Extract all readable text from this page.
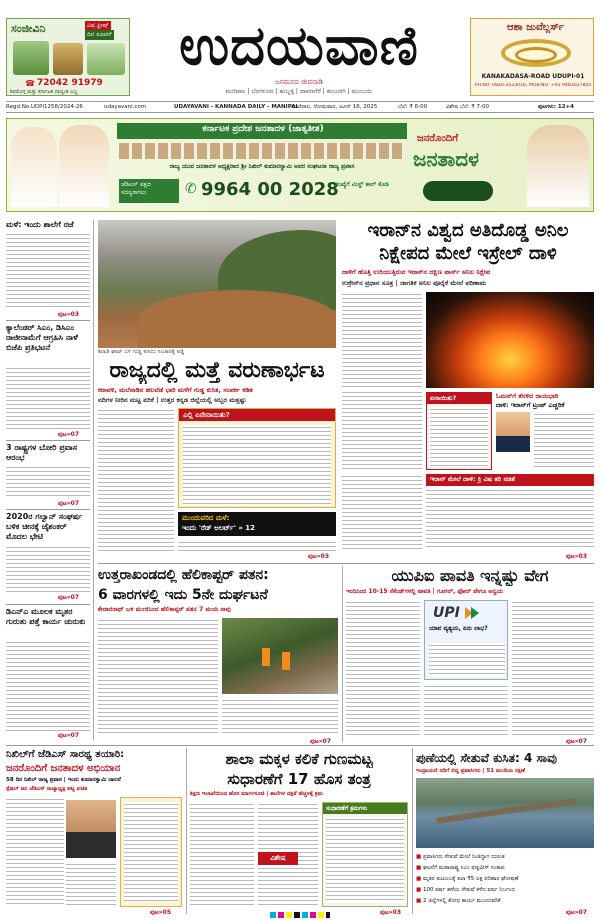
ಸಂಜೀವಿನಿ	ವಿಷ ಫ್ರೀಷ್
ದಿನ ಸೂಪರ್
☎ 72042 91979
ಶಿವಮೊಗ್ಗ ಮತ್ತು ಕರ್ನಾಟಕ ದಾದ್ಯಂತ ಲಭ್ಯ
ಉದಯವಾಣಿ
ಜನಮನದ ಜೀವನಾಡಿ
ಮಣಿಪಾಲ | ಬೆಂಗಳೂರು | ಹುಬ್ಬಳ್ಳಿ | ದಾವಣಗೆರೆ | ಕಲಬುರಗಿ | ಮುಂಬಯಿ
ಆಶಾ ಜುವೆಲ್ಲರ್ಸ್
KANAKADASA-ROAD UDUPI-01
PH.NO. 0820-2523016, MOB.NO. +91 9483027850
Regd.No.UDPI1258/2024-26	udayavani.com	UDAYAVANI - KANNADA DAILY - MANIPAL
ಮಣಿಪಾಲ, ಸೋಮವಾರ, ಜೂನ್ 16, 2025	ಬೆಲೆ: ₹ 6-00	ವಿಶೇಷ ಬೆಲೆ: ₹ 7-00	ಪುಟಗಳು: 12+4
ಕರ್ನಾಟಕ ಪ್ರದೇಶ ಜನತಾದಳ (ಜಾತ್ಯತೀತ)
ರಾಜ್ಯ ಯುವ ಜನತಾದಳ ಅಧ್ಯಕ್ಷರಾದ ಶ್ರೀ ನಿಖಿಲ್ ಕುಮಾರಸ್ವಾಮಿ ಅವರ ಸಂಘಟನಾ ರಾಜ್ಯ ಪ್ರವಾಸ
ಜೆಡಿಎಸ್ ಪಕ್ಷದ ಸದಸ್ಯರಾಗಲು	✆ 9964 00 2028
ಸಂಖ್ಯೆಗೆ ಮಿಸ್ಡ್ ಕಾಲ್ ಕೊಡಿ
ಜನರೊಂದಿಗೆ
ಜನತಾದಳ
ಮಳೆ: ಇಂದು ಶಾಲೆಗೆ ರಜೆ
ಪುಟ»03
ಕ್ಯಾಲೆಂಡರ್ ಸಿಎಂ, ಡಿಸಿಎಂ ರಾಜೀನಾಮೆಗೆ ಆಗ್ರಹಿಸಿ ನಾಳೆ ಬಿಜೆಪಿ ಪ್ರತಿಭಟನೆ
ಪುಟ»07
3 ರಾಷ್ಟ್ರಗಳ ಬೋರಿ ಪ್ರವಾಸ ಆರಂಭ
ಪುಟ»07
2020ರ ಗಲ್ವಾನ್ ಸಂಘರ್ಷ ಬಳಿಕ ಚೀನಕ್ಕೆ ಜೈಶಂಕರ್ ಮೊದಲ ಭೇಟಿ
ಪುಟ»07
ಡಿಎನ್‌ಎ ಮೂಲಕ ಮೃತರ ಗುರುತು ಪತ್ತೆ ಕಾರ್ಯ ಚುರುಕು
ಪುಟ»07
ಶಿರಾಡಿ ಘಾಟ್ ಬಳಿ ಗುಡ್ಡ ಕುಸಿದು ಸಂಚಾರಕ್ಕೆ ಅಡ್ಡಿ
ರಾಜ್ಯದಲ್ಲಿ ಮತ್ತೆ ವರುಣಾರ್ಭಟ
ಕರಾವಳಿ, ಮಲೆನಾಡಿನ ಹಲವೆಡೆ ಭಾರಿ ಮಳೆಗೆ ಗುಡ್ಡ ಕುಸಿತ, ಸಂಪರ್ಕ ಕಡಿತ
ನದಿಗಳ ನೀರಿನ ಮಟ್ಟ ಏರಿಕೆ | ಉತ್ತರ ಕನ್ನಡ ಜಿಲ್ಲೆಯಲ್ಲಿ ಅಬ್ಬರ ಮತ್ತಷ್ಟು
ಎಲ್ಲಿ ಏನೇನಾಯಿತು?
ಮುಂದುವರಿದ ಮಳೆ:
ಇಂದು 'ರೆಡ್ ಅಲರ್ಟ್' » 12
ಪುಟ»03
ಇರಾನ್‌ನ ವಿಶ್ವದ ಅತಿದೊಡ್ಡ ಅನಿಲ
ನಿಕ್ಷೇಪದ ಮೇಲೆ ಇಸ್ರೇಲ್ ದಾಳಿ
ದಾಳಿಗೆ ಹೊತ್ತಿ ಉರಿಯುತ್ತಿರುವ ಇರಾನ್‌ನ ದಕ್ಷಿಣ ಪಾರ್ಸ್ ಅನಿಲ ನಿಕ್ಷೇಪ
ಉಕ್ರೇನ್‌ನ ಪ್ರಧಾನ ಸೂತ್ರ | ಜಾಗತಿಕ ಅನಿಲ ಪೂರೈಕೆ ಮೇಲೆ ಪರಿಣಾಮ
ಏನಾಯಿತು?	ಓಮನ್‌ಗೆ ತೆರಳಿದ ರಾಯಭಾರಿ
ದಾಳಿ: ಇರಾನ್‌ಗೆ ಟ್ರಂಪ್ ಎಚ್ಚರಿಕೆ
ಇರಾನ್ ಮೇಲೆ ದಾಳಿ: ಕ್ರಿ ವಿಷ ತರಿ ನಡತೆ
ಪುಟ»03
ಉತ್ತರಾಖಂಡದಲ್ಲಿ ಹೆಲಿಕಾಪ್ಟರ್ ಪತನ:
6 ವಾರಗಳಲ್ಲಿ ಇದು 5ನೇ ದುರ್ಘಟನೆ
ಕೇದಾರನಾಥ್ ಬಳಿ ಮಂಜಿನಿಂದ ಹೆಲಿಕಾಪ್ಟರ್ ಪತನ 7 ಮಂದಿ ಸಾವು
ಪುಟ»07
ಯುಪಿಐ ಪಾವತಿ ಇನ್ನಷ್ಟು ವೇಗ
ಇಂದಿನಿಂದ 10-15 ಸೆಕೆಂಡ್‌ಗಳಲ್ಲಿ ಪಾವತಿ | ಗೂಗಲ್, ಫೋನ್ ಪೇಗೂ ಅನ್ವಯ
UPI
ಯಾವ ವ್ಯತ್ಯಯ, ಏನು ಲಾಭ?
ಪುಟ»07
ನಿಖಿಲ್‌ಗೆ ಜೆಡಿಎಸ್ ಸಾರಥ್ಯ ತಯಾರಿ:
ಜನರೊಂದಿಗೆ ಜನತಾದಳ ಅಭಿಯಾನ
58 ದಿನ ನಿಖಿಲ್ ರಾಜ್ಯ ಪ್ರವಾಸ | ಇಂದು ಕುಮಾರಸ್ವಾಮಿ ಚಾಲನೆ
ಸ್ಪೆಷಲ್‌ ಜನ ಜೆಡಿಎಸ್ ರಾಜ್ಯಾಧ್ಯಕ್ಷ ಪಟ್ಟ ಖಚಿತ
ಪುಟ»05
ಶಾಲಾ ಮಕ್ಕಳ ಕಲಿಕೆ ಗುಣಮಟ್ಟ
ಸುಧಾರಣೆಗೆ 17 ಹೊಸ ತಂತ್ರ
ಶಿಕ್ಷಣ ಇಲಾಖೆಯಿಂದ ಹೊಸ ಮಾರ್ಗಸೂಚಿ | ಶಾಲೆಗಳ ದಕ್ಷತೆ ಹೆಚ್ಚಳಕ್ಕೆ ಕ್ರಮ
ಸುಧಾರಣೆಗೆ ಕ್ರಮಗಳು
ವಿಶೇಷ
ಪುಟ»03
ಪುಣೆಯಲ್ಲಿ ಸೇತುವೆ ಕುಸಿತ: 4 ಸಾವು
ಇಂದ್ರಾಯಣಿ ನದಿಗೆ ಬಿದ್ದ ಪ್ರವಾಸಿಗರು | 51 ಮಂದಿಯ ರಕ್ಷಣೆ
■ ಪ್ರವಾಸಿಗರು ಸೇತುವೆ ಮೇಲೆ ನಿಂತಿದ್ದಾಗ ದುರಂತ
■ ಘಟನೆಗೆ ಮಹಾರಾಷ್ಟ್ರ ಸಿಎಂ ಫಡ್ನವೀಸ್ ಸಂತಾಪ
■ ಮೃತರ ಕುಟುಂಬಕ್ಕೆ ತಲಾ ₹5 ಲಕ್ಷ ಪರಿಹಾರ ಘೋಷಣೆ
■ 100 ವರ್ಷ ಹಳೆಯ ಸೇತುವೆ ಕಳೆದ ವರ್ಷ ನಿರ್ಬಂಧ
■ 2 ಜಿಲ್ಲೆಗಳಲ್ಲಿ ಶೋಧ ಕಾರ್ಯ ಮುಂದುವರಿಕೆ
ಪುಟ»07
